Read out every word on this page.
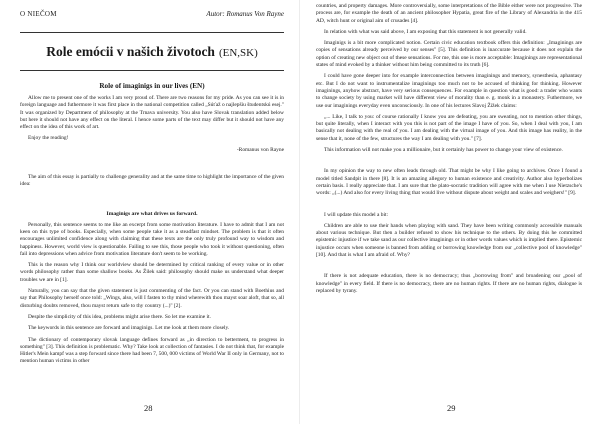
O NIEČOM	Autor: Romanus Von Rayne
Role emócii v našich životoch (EN,SK)
Role of imaginigs in our lives (EN)

Allow me to present one of the works I am very proud of. There are two reasons for my pride. As you can see it is in foreign language and futhermore it was first place in the national competition called „Súťaž o najlepšiu študentskú esej." It was organized by Department of philosophy at the Trnava university. You also have Slovak translation added below but here it should not have any effect on the literal. I hence some parts of the text may differ but it should not have any effect on the idea of this work of art.

Enjoy the reading!

-Romanus von Rayne

The aim of this essay is partially to challenge generality and at the same time to highlight the importance of the given idea:

Imaginigs are what drives us forward.

Personally, this sentence seems to me like an excerpt from some motivation literature. I have to admit that I am not keen on this type of books. Especially, when some people take it as a steadfast mindset. The problem is that it often encourages unlimited confidence along with claiming that these texts are the only truly profound way to wisdom and happiness. However, world view is questionable. Failing to see this, those people who took it without questioning, often fail into depressions when advice from motivation literature don't seem to be working.

This is the reason why I think our worldview should be determined by critical ranking of every value or in other words philosophy rather than some shallow books. As Žilek said: philosophy should make us understand what deeper troubles we are in [1].

Naturally, you can say that the given statement is just commenting of the fact. Or you can stand with Boethius and say that Philosophy herself once told: „Wings, also, will I fasten to thy mind wherewith thou mayst soar aloft, that so, all disturbing doubts removed, thou mayst return safe to thy country (...)" [2].

Despite the simplicity of this idea, problems might arise there. So let me examine it.

The keywords in this sentence are forward and imaginigs. Let me look at them more closely.

The dictionary of contemporary slovak language defines forward as „in direction to betterment, to progress in something" [3]. This definition is problematic. Why? Take look at collection of fantasies. I do not think that, for example Hitler's Mein kampf was a step forward since there had been 7, 500, 000 victims of World War II only in Germany, not to mention human victims in other

28

countries, and property damages. More controversially, some interpretations of the Bible either were not progressive. The process are, for example the death of an ancient philosopher Hypatia, great fire of the Library of Alexandria in the 415 AD, witch hunt or original aim of crusades [4].

In relation with what was said above, I am exposing that this statement is not generally valid.

Imaginigs is a bit more complicated notion. Certain civic education textbook offers this definition: „Imaginings are copies of sensations already perceived by our senses" [5]. This definition is inaccurate because it does not explain the option of creating new object out of these sensations. For me, this one is more acceptable: Imaginings are representational states of mind evoked by a thinker without him being committed to its truth [6].

I could have gone deeper into for example interconnection between imaginings and memory, synesthesia, aphantasy etc. But I do not want to instrumentalize imaginings too much not to be accused of thinking for thinking. However imaginings, anyhow abstract, have very serious consequences. For example in question what is good: a trader who wants to change society by using market will have different view of morality than e. g. monk in a monastery. Futhermore, we use our imaginings everyday even unconsciously. In one of his lectures Slavoj Žižek claims:

„... Like, I talk to you: of course rationally I know you are defeating, you are sweating, not to mention other things, but quite literally, when I interact with you this is not part of the image I have of you. So, when I deal with you, I am basically not dealing with the real of you. I am dealing with the virtual image of you. And this image has reality, in the sense that it, none of the few, structures the way I am dealing with you." [7].

This information will not make you a millionaire, but it certainly has power to change your view of existence.

In my opinion the way to new often leads through old. That might be why I like going to archives. Once I found a model titled Sandpit in there [8]. It is an amazing allegory to human existence and creativity. Author also hyperbolizes certain basis. I really appreciate that. I am sure that the plato-socratic tradition will agree with me when I use Nietzsche's words: „(...) And also for every living thing that would live without dispute about weight and scales and weighers!" [9].

I will update this model a bit:

Children are able to use their hands when playing with sand. They have been writing commonly accessible manuals about various technique. But then a builder refused to show his technique to the others. By doing this he committed epistemic injustice if we take sand as our collective imaginings or in other words values which is implied there. Epistemic injustice occurs when someone is banned from adding or borrowing knowledge from our „collective pool of knowledge" [10]. And that is what I am afraid of. Why?

If there is not adequate education, there is no democracy; thus „borrowing from" and broadening our „pool of knowledge" in every field. If there is no democracy, there are no human rights. If there are no human rights, dialogue is replaced by tyrany.

29
